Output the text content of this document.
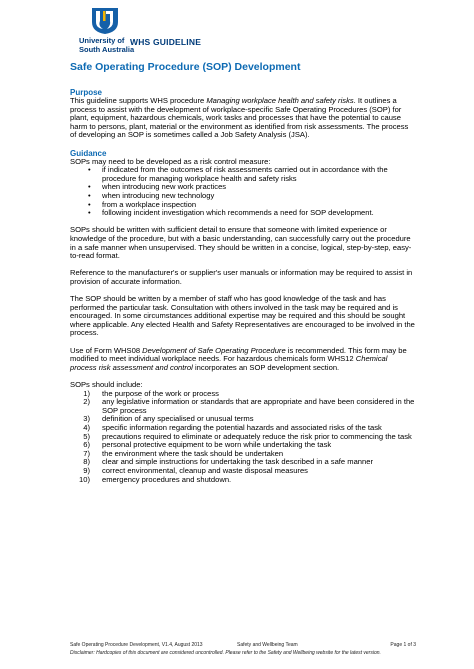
University of
South Australia
WHS GUIDELINE
Safe Operating Procedure (SOP) Development
Purpose

This guideline supports WHS procedure Managing workplace health and safety risks. It outlines a process to assist with the development of workplace-specific Safe Operating Procedures (SOP) for plant, equipment, hazardous chemicals, work tasks and processes that have the potential to cause harm to persons, plant, material or the environment as identified from risk assessments. The process of developing an SOP is sometimes called a Job Safety Analysis (JSA).

Guidance
SOPs may need to be developed as a risk control measure:
• if indicated from the outcomes of risk assessments carried out in accordance with the procedure for managing workplace health and safety risks
• when introducing new work practices
• when introducing new technology
• from a workplace inspection
• following incident investigation which recommends a need for SOP development.

SOPs should be written with sufficient detail to ensure that someone with limited experience or knowledge of the procedure, but with a basic understanding, can successfully carry out the procedure in a safe manner when unsupervised. They should be written in a concise, logical, step-by-step, easy-to-read format.

Reference to the manufacturer's or supplier's user manuals or information may be required to assist in provision of accurate information.

The SOP should be written by a member of staff who has good knowledge of the task and has performed the particular task. Consultation with others involved in the task may be required and is encouraged. In some circumstances additional expertise may be required and this should be sought where applicable. Any elected Health and Safety Representatives are encouraged to be involved in the process.

Use of Form WHS08 Development of Safe Operating Procedure is recommended. This form may be modified to meet individual workplace needs. For hazardous chemicals form WHS12 Chemical process risk assessment and control incorporates an SOP development section.

SOPs should include:
1) the purpose of the work or process
2) any legislative information or standards that are appropriate and have been considered in the SOP process
3) definition of any specialised or unusual terms
4) specific information regarding the potential hazards and associated risks of the task
5) precautions required to eliminate or adequately reduce the risk prior to commencing the task
6) personal protective equipment to be worn while undertaking the task
7) the environment where the task should be undertaken
8) clear and simple instructions for undertaking the task described in a safe manner
9) correct environmental, cleanup and waste disposal measures
10) emergency procedures and shutdown.
Safe Operating Procedure Development, V1.4, August 2013	Safety and Wellbeing Team	Page 1 of 3
Disclaimer: Hardcopies of this document are considered uncontrolled. Please refer to the Safety and Wellbeing website for the latest version.
